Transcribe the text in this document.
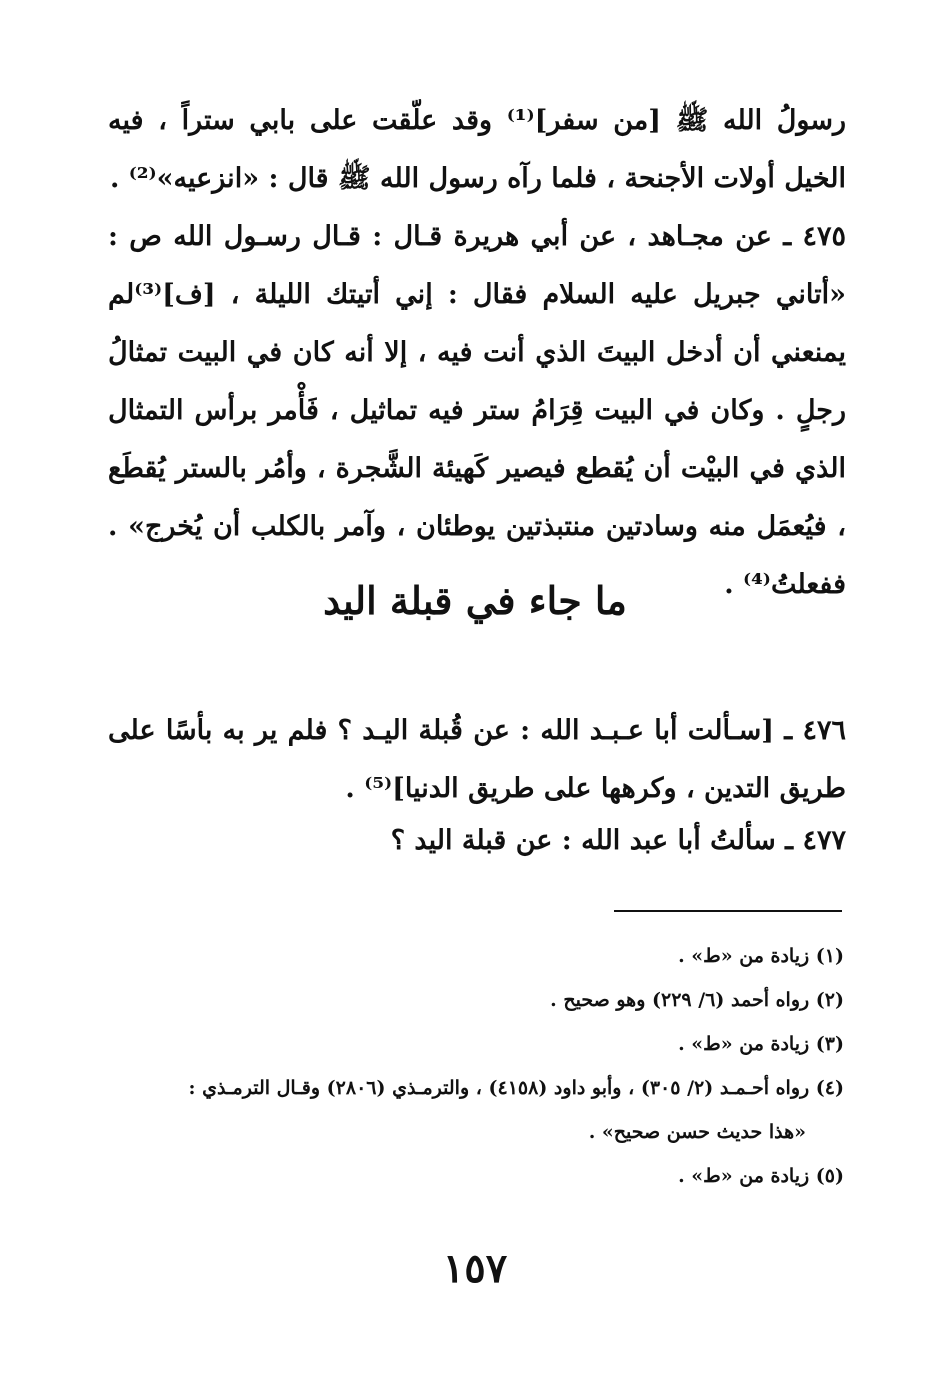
رسولُ الله ﷺ [من سفر]⁽¹⁾ وقد علّقت على بابي ستراً ، فيه الخيل أولات الأجنحة ، فلما رآه رسول الله ﷺ قال : «انزعيه»⁽²⁾ .

٤٧٥ ـ عن مجـاهد ، عن أبي هريرة قـال : قـال رسـول الله ص : «أتاني جبريل عليه السلام فقال : إني أتيتك الليلة ، [ف]⁽³⁾لم يمنعني أن أدخل البيتَ الذي أنت فيه ، إلا أنه كان في البيت تمثالُ رجلٍ . وكان في البيت قِرَامُ ستر فيه تماثيل ، فَأْمر برأس التمثال الذي في البيْت أن يُقطع فيصير كَهيئة الشَّجرة ، وأمُر بالستر يُقطَع ، فيُعمَل منه وسادتين منتبذتين يوطئان ، وآمر بالكلب أن يُخرج» . ففعلتُ⁽⁴⁾ .

ما جاء في قبلة اليد

٤٧٦ ـ [سـألت أبا عـبـد الله : عن قُبلة اليـد ؟ فلم ير به بأسًا على طريق التدين ، وكرهها على طريق الدنيا]⁽⁵⁾ .

٤٧٧ ـ سألتُ أبا عبد الله : عن قبلة اليد ؟

(١) زيادة من «ط» .

(٢) رواه أحمد (٦/ ٢٢٩) وهو صحيح .

(٣) زيادة من «ط» .

(٤) رواه أحـمـد (٢/ ٣٠٥) ، وأبو داود (٤١٥٨) ، والترمـذي (٢٨٠٦) وقـال الترمـذي :

«هذا حديث حسن صحيح» .

(٥) زيادة من «ط» .

١٥٧
